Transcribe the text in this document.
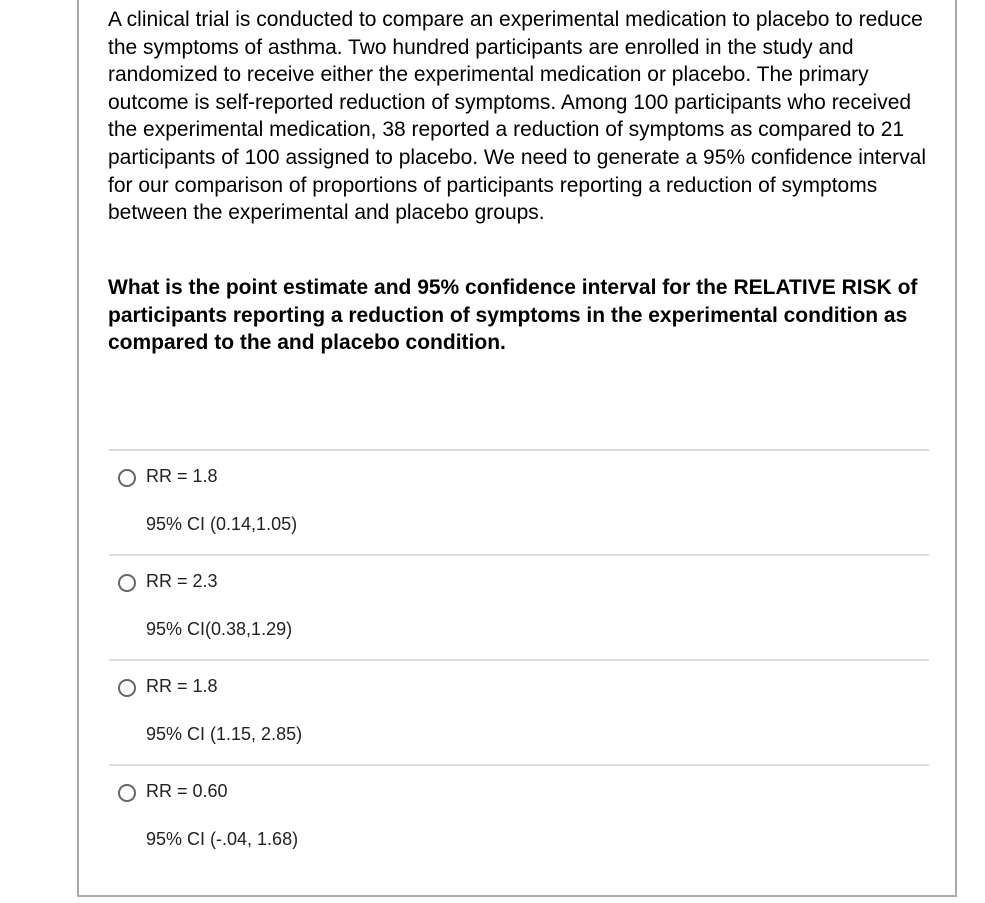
A clinical trial is conducted to compare an experimental medication to placebo to reduce the symptoms of asthma. Two hundred participants are enrolled in the study and randomized to receive either the experimental medication or placebo. The primary outcome is self-reported reduction of symptoms. Among 100 participants who received the experimental medication, 38 reported a reduction of symptoms as compared to 21 participants of 100 assigned to placebo. We need to generate a 95% confidence interval for our comparison of proportions of participants reporting a reduction of symptoms between the experimental and placebo groups.
What is the point estimate and 95% confidence interval for the RELATIVE RISK of participants reporting a reduction of symptoms in the experimental condition as compared to the and placebo condition.
RR = 1.8
95% CI (0.14,1.05)
RR = 2.3
95% CI(0.38,1.29)
RR = 1.8
95% CI (1.15, 2.85)
RR = 0.60
95% CI (-.04, 1.68)
